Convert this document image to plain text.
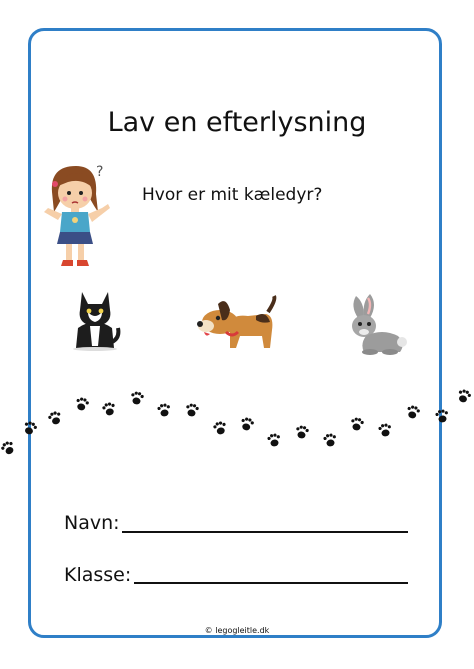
Lav en efterlysning
?
Hvor er mit kæledyr?
Navn:
Klasse:
© legogleitle.dk
